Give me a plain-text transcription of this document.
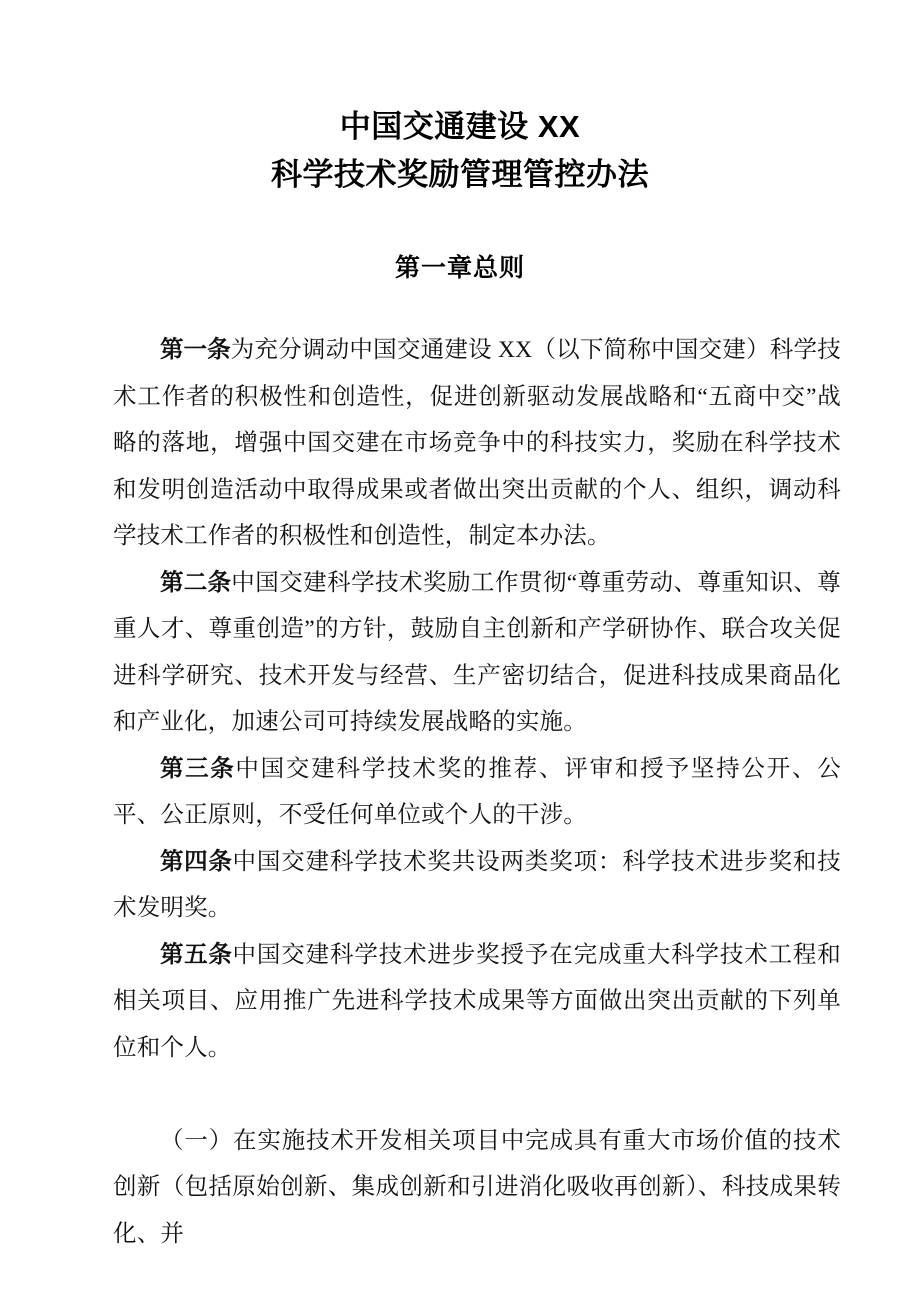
中国交通建设 XX
科学技术奖励管理管控办法
第一章总则

第一条为充分调动中国交通建设 XX（以下简称中国交建）科学技术工作者的积极性和创造性，促进创新驱动发展战略和“五商中交”战略的落地，增强中国交建在市场竞争中的科技实力，奖励在科学技术和发明创造活动中取得成果或者做出突出贡献的个人、组织，调动科学技术工作者的积极性和创造性，制定本办法。

第二条中国交建科学技术奖励工作贯彻“尊重劳动、尊重知识、尊重人才、尊重创造”的方针，鼓励自主创新和产学研协作、联合攻关促进科学研究、技术开发与经营、生产密切结合，促进科技成果商品化和产业化，加速公司可持续发展战略的实施。

第三条中国交建科学技术奖的推荐、评审和授予坚持公开、公平、公正原则，不受任何单位或个人的干涉。

第四条中国交建科学技术奖共设两类奖项：科学技术进步奖和技术发明奖。

第五条中国交建科学技术进步奖授予在完成重大科学技术工程和相关项目、应用推广先进科学技术成果等方面做出突出贡献的下列单位和个人。

（一）在实施技术开发相关项目中完成具有重大市场价值的技术创新（包括原始创新、集成创新和引进消化吸收再创新）、科技成果转化、并
